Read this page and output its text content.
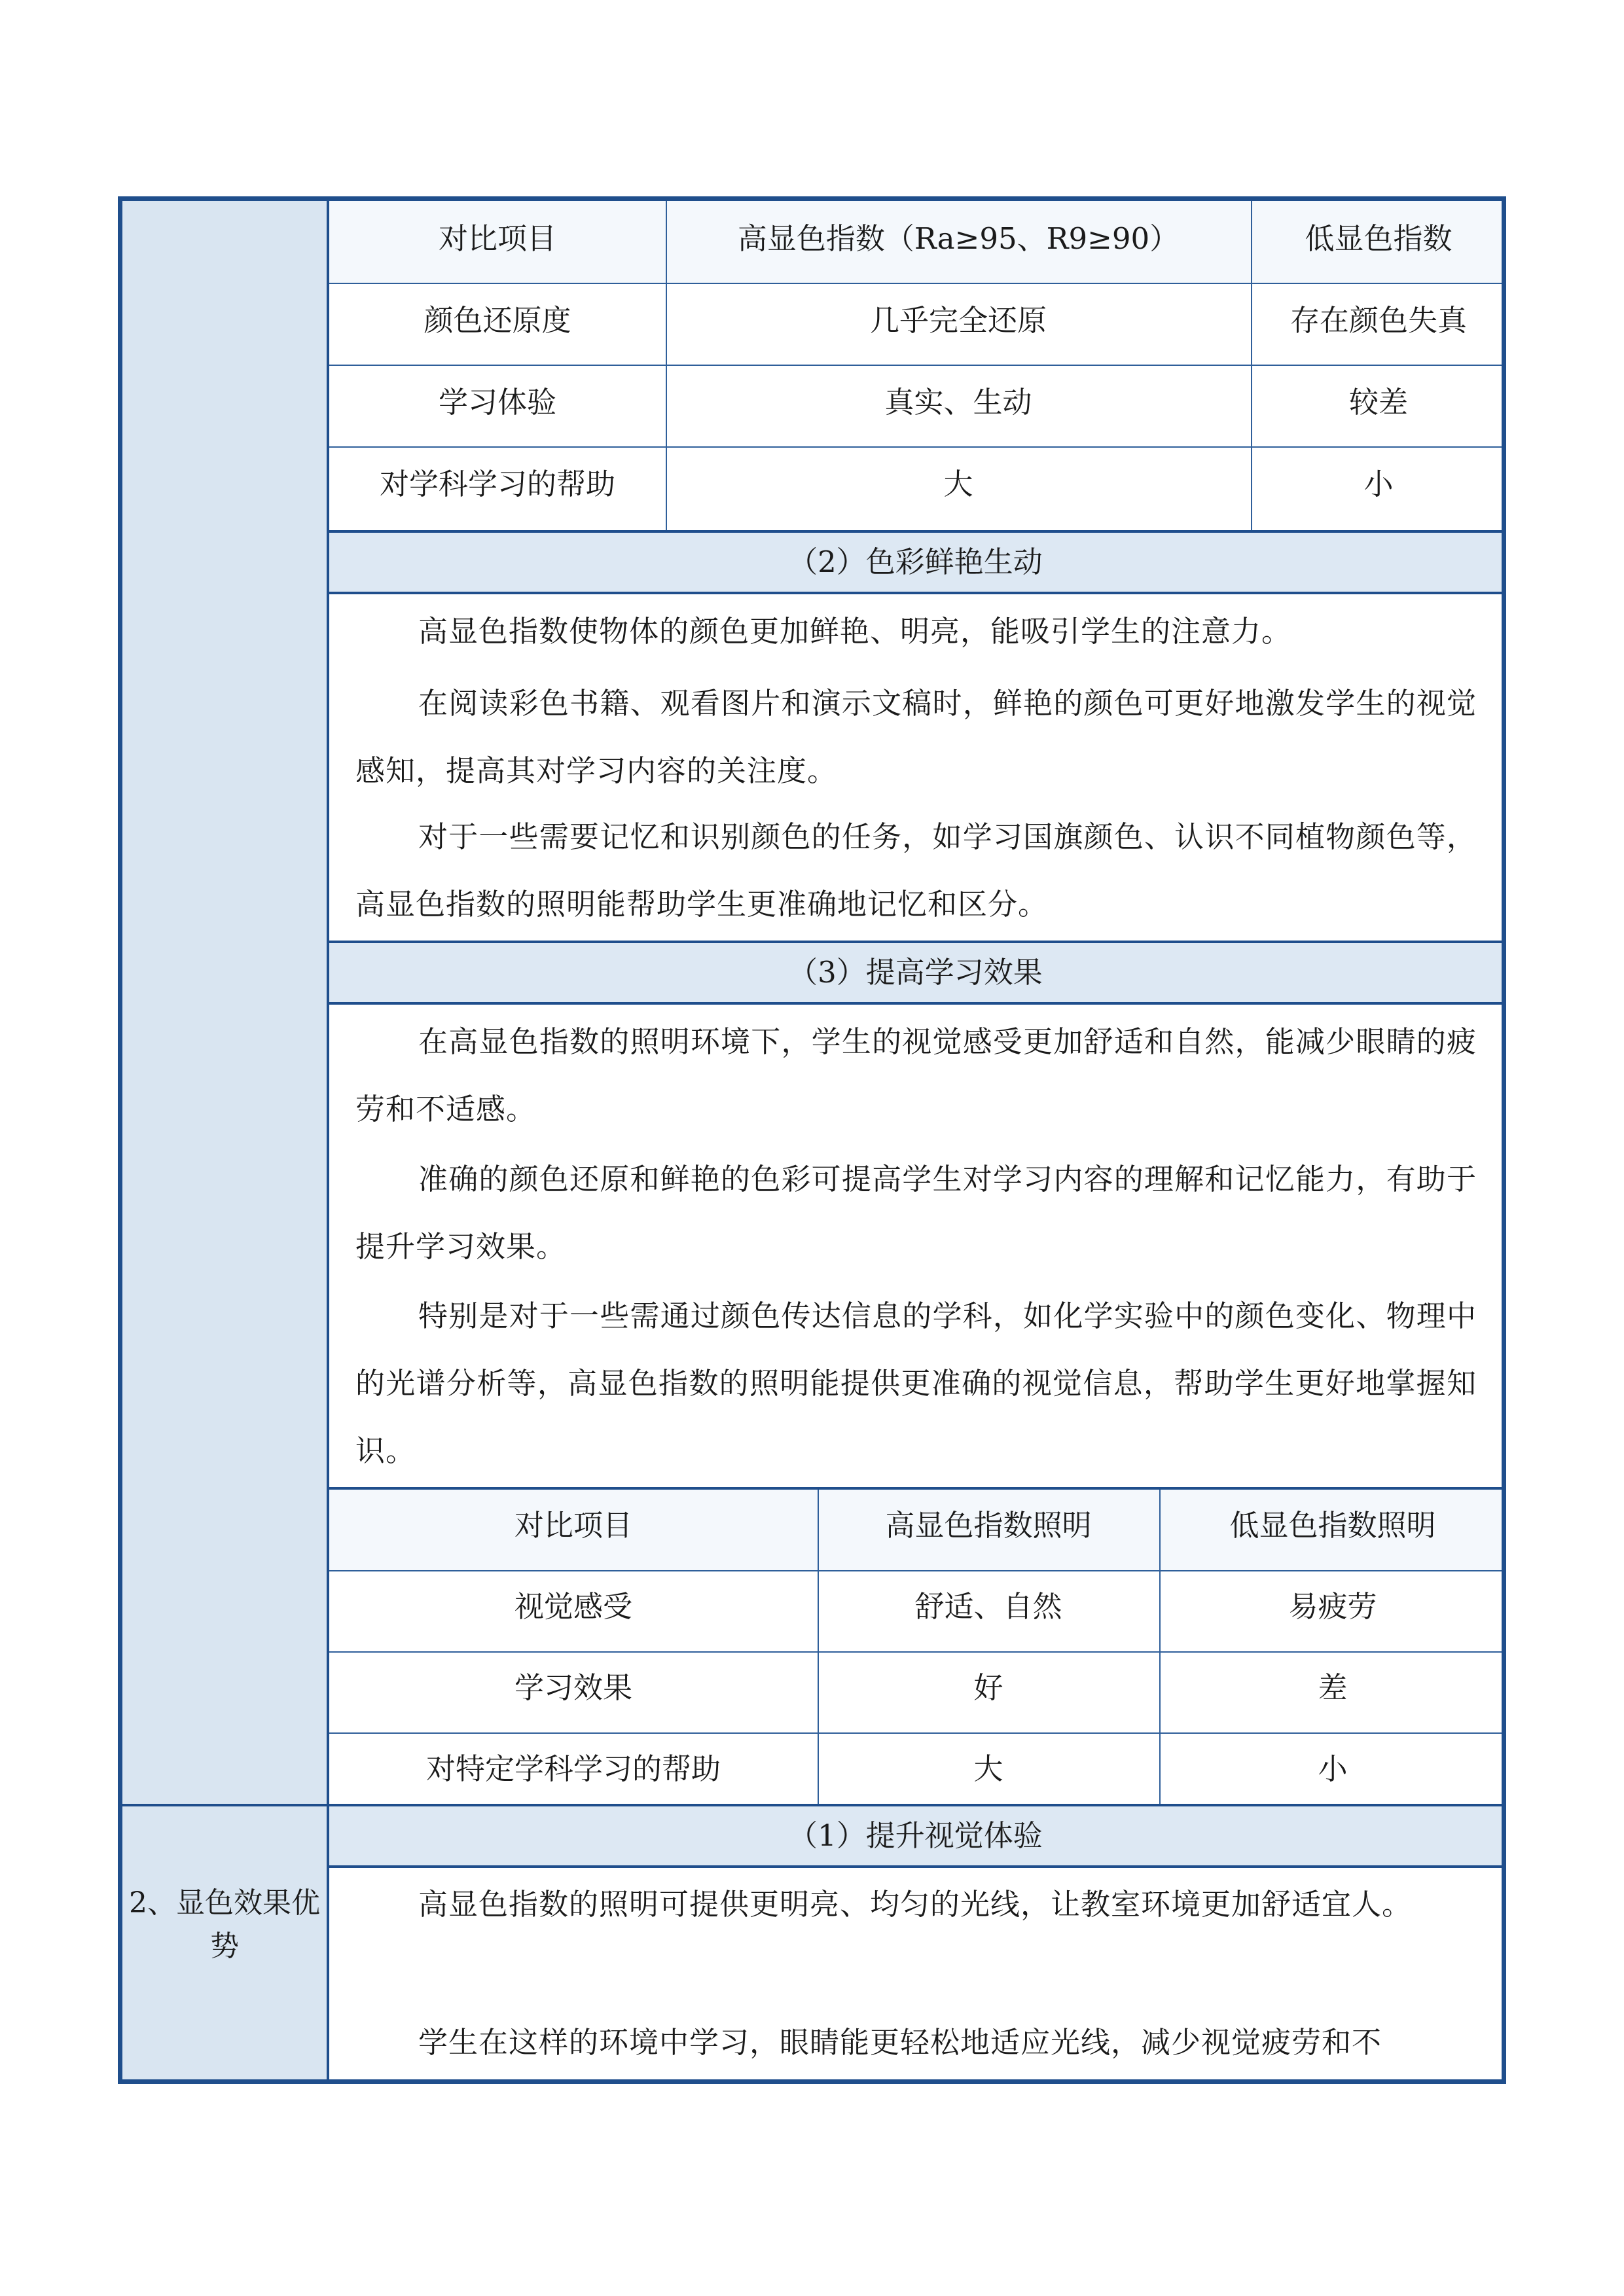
2、显色效果优势
对比项目	高显色指数（Ra≥95、R9≥90）	低显色指数
颜色还原度	几乎完全还原	存在颜色失真
学习体验	真实、生动	较差
对学科学习的帮助	大	小
（2）色彩鲜艳生动
高显色指数使物体的颜色更加鲜艳、明亮，能吸引学生的注意力。
在阅读彩色书籍、观看图片和演示文稿时，鲜艳的颜色可更好地激发学生的视觉感知，提高其对学习内容的关注度。
对于一些需要记忆和识别颜色的任务，如学习国旗颜色、认识不同植物颜色等，高显色指数的照明能帮助学生更准确地记忆和区分。
（3）提高学习效果
在高显色指数的照明环境下，学生的视觉感受更加舒适和自然，能减少眼睛的疲劳和不适感。
准确的颜色还原和鲜艳的色彩可提高学生对学习内容的理解和记忆能力，有助于提升学习效果。
特别是对于一些需通过颜色传达信息的学科，如化学实验中的颜色变化、物理中的光谱分析等，高显色指数的照明能提供更准确的视觉信息，帮助学生更好地掌握知识。
对比项目	高显色指数照明	低显色指数照明
视觉感受	舒适、自然	易疲劳
学习效果	好	差
对特定学科学习的帮助	大	小
（1）提升视觉体验
高显色指数的照明可提供更明亮、均匀的光线，让教室环境更加舒适宜人。
学生在这样的环境中学习，眼睛能更轻松地适应光线，减少视觉疲劳和不
